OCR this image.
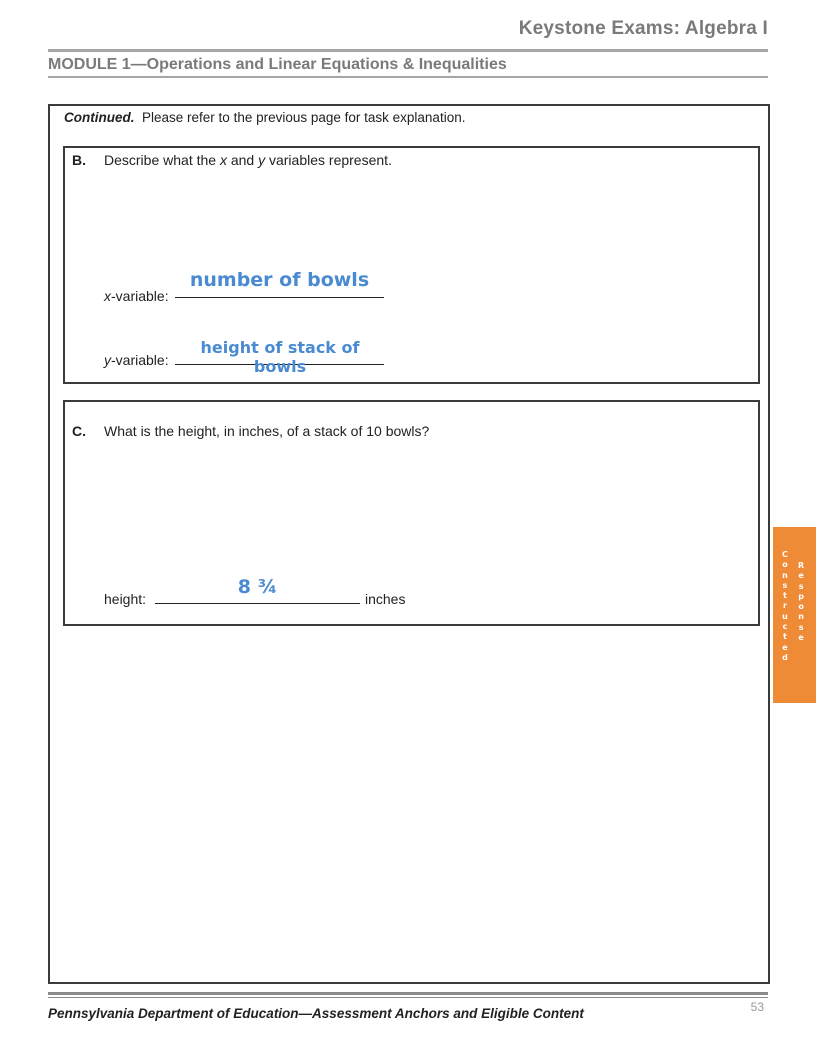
Keystone Exams: Algebra I
MODULE 1—Operations and Linear Equations & Inequalities
Continued. Please refer to the previous page for task explanation.
B. Describe what the x and y variables represent.
x-variable:
number of bowls
y-variable:
height of stack of bowls
C. What is the height, in inches, of a stack of 10 bowls?
height:
8 ¾
inches
C
o
n
s
t
r
u
c
t
e
d
R
e
s
p
o
n
s
e
Pennsylvania Department of Education—Assessment Anchors and Eligible Content	53
